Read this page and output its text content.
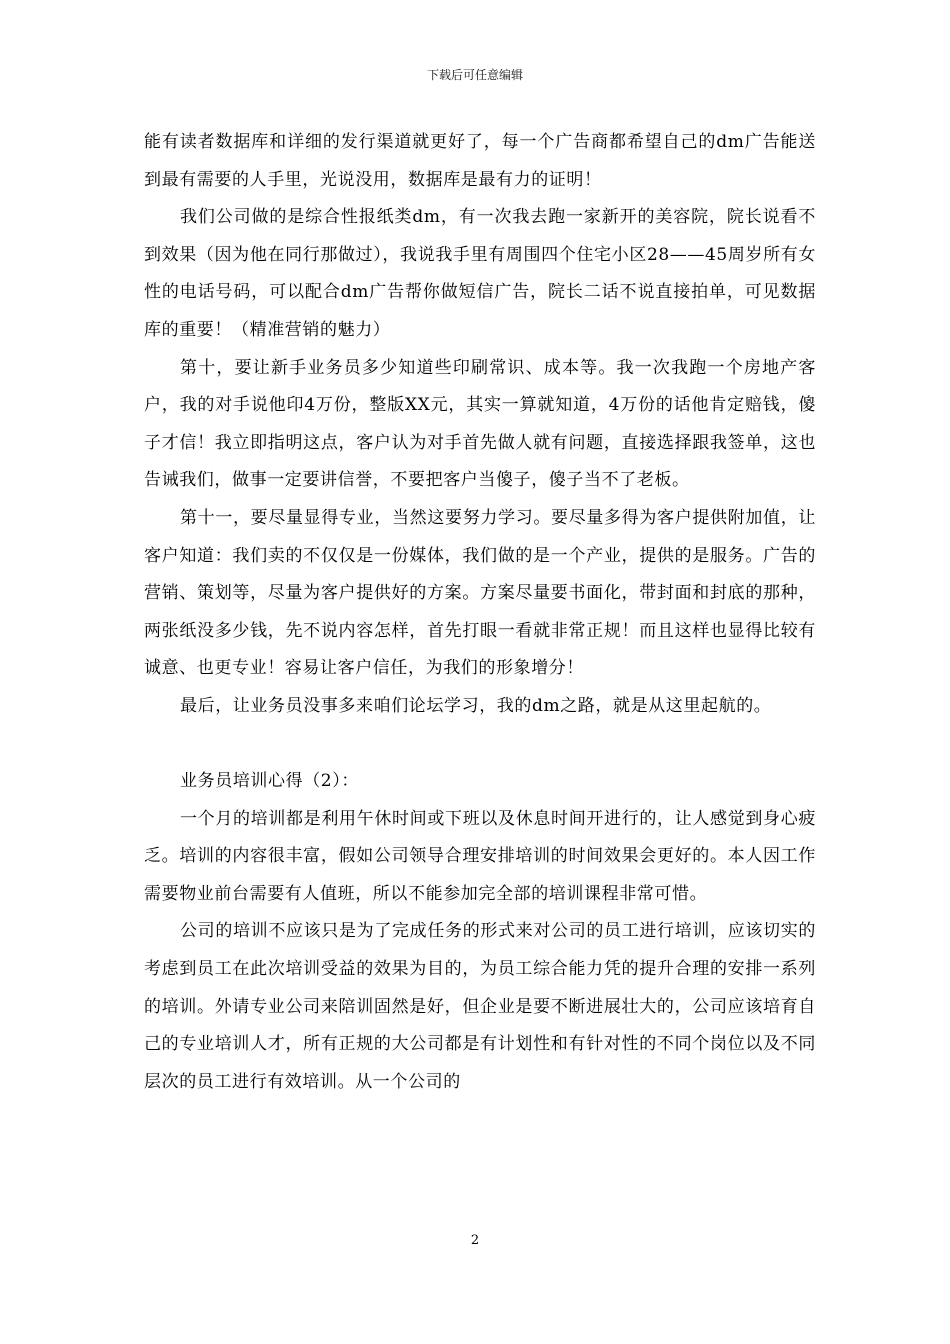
下载后可任意编辑

能有读者数据库和详细的发行渠道就更好了，每一个广告商都希望自己的dm广告能送到最有需要的人手里，光说没用，数据库是最有力的证明！

我们公司做的是综合性报纸类dm，有一次我去跑一家新开的美容院，院长说看不到效果（因为他在同行那做过），我说我手里有周围四个住宅小区28——45周岁所有女性的电话号码，可以配合dm广告帮你做短信广告，院长二话不说直接拍单，可见数据库的重要！（精准营销的魅力）

第十，要让新手业务员多少知道些印刷常识、成本等。我一次我跑一个房地产客户，我的对手说他印4万份，整版XX元，其实一算就知道，4万份的话他肯定赔钱，傻子才信！我立即指明这点，客户认为对手首先做人就有问题，直接选择跟我签单，这也告诫我们，做事一定要讲信誉，不要把客户当傻子，傻子当不了老板。

第十一，要尽量显得专业，当然这要努力学习。要尽量多得为客户提供附加值，让客户知道：我们卖的不仅仅是一份媒体，我们做的是一个产业，提供的是服务。广告的营销、策划等，尽量为客户提供好的方案。方案尽量要书面化，带封面和封底的那种，两张纸没多少钱，先不说内容怎样，首先打眼一看就非常正规！而且这样也显得比较有诚意、也更专业！容易让客户信任，为我们的形象增分！

最后，让业务员没事多来咱们论坛学习，我的dm之路，就是从这里起航的。

业务员培训心得（2）：

一个月的培训都是利用午休时间或下班以及休息时间开进行的，让人感觉到身心疲乏。培训的内容很丰富，假如公司领导合理安排培训的时间效果会更好的。本人因工作需要物业前台需要有人值班，所以不能参加完全部的培训课程非常可惜。

公司的培训不应该只是为了完成任务的形式来对公司的员工进行培训，应该切实的考虑到员工在此次培训受益的效果为目的，为员工综合能力凭的提升合理的安排一系列的培训。外请专业公司来陪训固然是好，但企业是要不断进展壮大的，公司应该培育自己的专业培训人才，所有正规的大公司都是有计划性和有针对性的不同个岗位以及不同层次的员工进行有效培训。从一个公司的

2
